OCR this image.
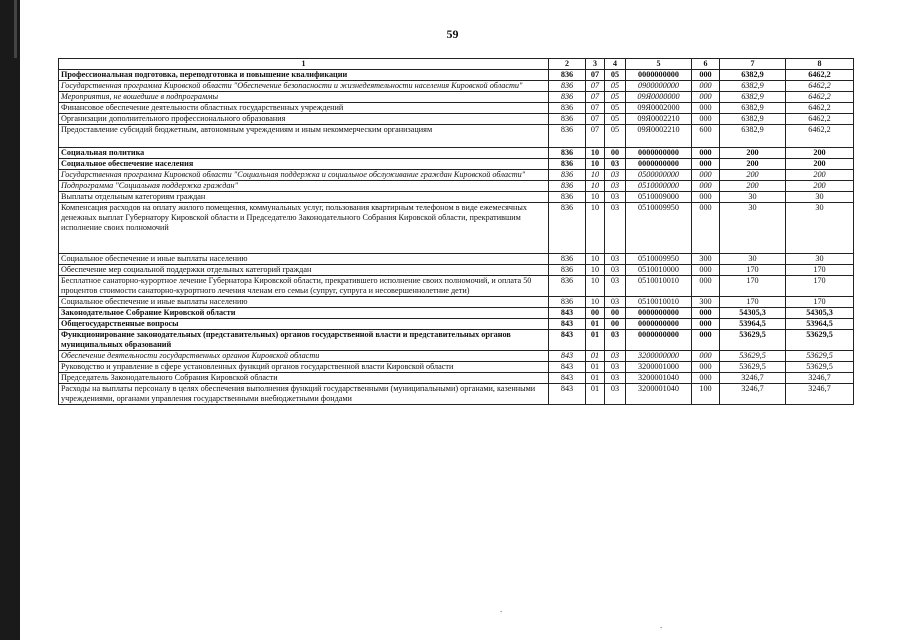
59
1	2	3	4	5	6	7	8
Профессиональная подготовка, переподготовка и повышение квалификации	836	07	05	0000000000	000	6382,9	6462,2
Государственная программа Кировской области "Обеспечение безопасности и жизнедеятельности населения Кировской области"	836	07	05	0900000000	000	6382,9	6462,2
Мероприятия, не вошедшие в подпрограммы	836	07	05	09Я0000000	000	6382,9	6462,2
Финансовое обеспечение деятельности областных государственных учреждений	836	07	05	09Я0002000	000	6382,9	6462,2
Организации дополнительного профессионального образования	836	07	05	09Я0002210	000	6382,9	6462,2
Предоставление субсидий бюджетным, автономным учреждениям и иным некоммерческим организациям	836	07	05	09Я0002210	600	6382,9	6462,2
Социальная политика	836	10	00	0000000000	000	200	200
Социальное обеспечение населения	836	10	03	0000000000	000	200	200
Государственная программа Кировской области "Социальная поддержка и социальное обслуживание граждан Кировской области"	836	10	03	0500000000	000	200	200
Подпрограмма "Социальная поддержка граждан"	836	10	03	0510000000	000	200	200
Выплаты отдельным категориям граждан	836	10	03	0510009000	000	30	30
Компенсация расходов на оплату жилого помещения, коммунальных услуг, пользования квартирным телефоном в виде ежемесячных денежных выплат Губернатору Кировской области и Председателю Законодательного Собрания Кировской области, прекратившим исполнение своих полномочий	836	10	03	0510009950	000	30	30
Социальное обеспечение и иные выплаты населению	836	10	03	0510009950	300	30	30
Обеспечение мер социальной поддержки отдельных категорий граждан	836	10	03	0510010000	000	170	170
Бесплатное санаторно-курортное лечение Губернатора Кировской области, прекратившего исполнение своих полномочий, и оплата 50 процентов стоимости санаторно-курортного лечения членам его семьи (супруг, супруга и несовершеннолетние дети)	836	10	03	0510010010	000	170	170
Социальное обеспечение и иные выплаты населению	836	10	03	0510010010	300	170	170
Законодательное Собрание Кировской области	843	00	00	0000000000	000	54305,3	54305,3
Общегосударственные вопросы	843	01	00	0000000000	000	53964,5	53964,5
Функционирование законодательных (представительных) органов государственной власти и представительных органов муниципальных образований	843	01	03	0000000000	000	53629,5	53629,5
Обеспечение деятельности государственных органов Кировской области	843	01	03	3200000000	000	53629,5	53629,5
Руководство и управление в сфере установленных функций органов государственной власти Кировской области	843	01	03	3200001000	000	53629,5	53629,5
Председатель Законодательного Собрания Кировской области	843	01	03	3200001040	000	3246,7	3246,7
Расходы на выплаты персоналу в целях обеспечения выполнения функций государственными (муниципальными) органами, казенными учреждениями, органами управления государственными внебюджетными фондами	843	01	03	3200001040	100	3246,7	3246,7
.
.
